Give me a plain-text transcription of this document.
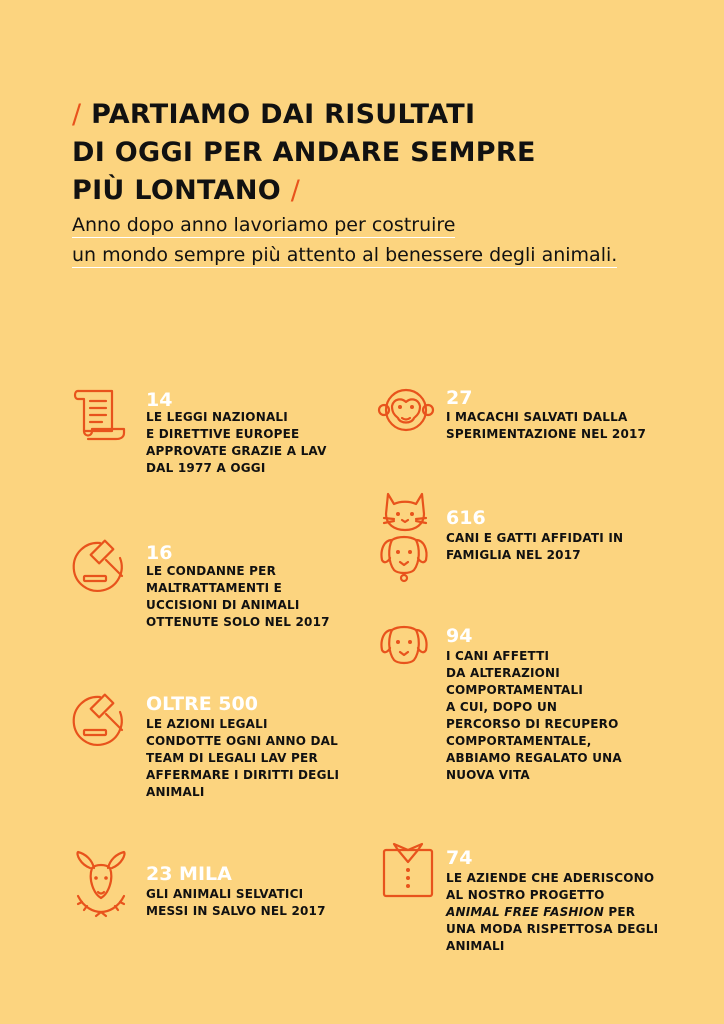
/ PARTIAMO DAI RISULTATI
DI OGGI PER ANDARE SEMPRE
PIÙ LONTANO /
Anno dopo anno lavoriamo per costruire
un mondo sempre più attento al benessere degli animali.
14
LE LEGGI NAZIONALI
E DIRETTIVE EUROPEE
APPROVATE GRAZIE A LAV
DAL 1977 A OGGI
16
LE CONDANNE PER
MALTRATTAMENTI E
UCCISIONI DI ANIMALI
OTTENUTE SOLO NEL 2017
OLTRE 500
LE AZIONI LEGALI
CONDOTTE OGNI ANNO DAL
TEAM DI LEGALI LAV PER
AFFERMARE I DIRITTI DEGLI
ANIMALI
23 MILA
GLI ANIMALI SELVATICI
MESSI IN SALVO NEL 2017
27
I MACACHI SALVATI DALLA
SPERIMENTAZIONE NEL 2017
616
CANI E GATTI AFFIDATI IN
FAMIGLIA NEL 2017
94
I CANI AFFETTI
DA ALTERAZIONI
COMPORTAMENTALI
A CUI, DOPO UN
PERCORSO DI RECUPERO
COMPORTAMENTALE,
ABBIAMO REGALATO UNA
NUOVA VITA
74
LE AZIENDE CHE ADERISCONO
AL NOSTRO PROGETTO
ANIMAL FREE FASHION PER
UNA MODA RISPETTOSA DEGLI
ANIMALI
